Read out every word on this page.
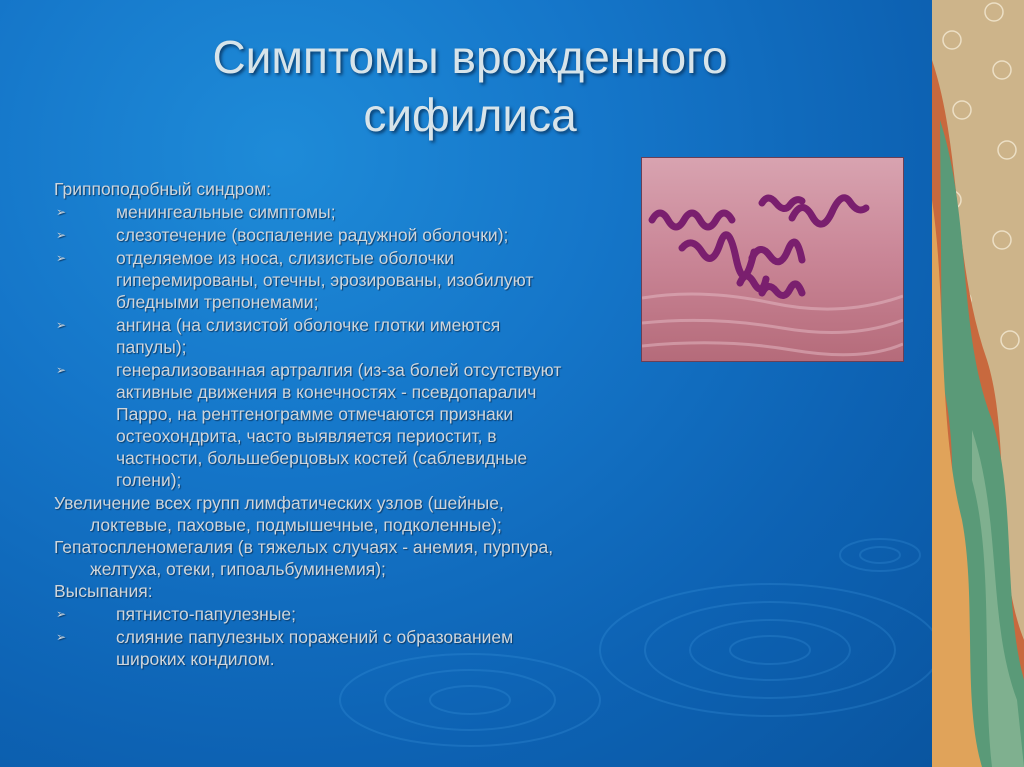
Симптомы врожденного
сифилиса

Гриппоподобный синдром:

➢	менингеальные симптомы;
➢	слезотечение (воспаление радужной оболочки);
➢	отделяемое из носа, слизистые оболочки
гиперемированы, отечны, эрозированы, изобилуют
бледными трепонемами;
➢	ангина (на слизистой оболочке глотки имеются
папулы);
➢	генерализованная артралгия (из-за болей отсутствуют
активные движения в конечностях - псевдопаралич
Парро, на рентгенограмме отмечаются признаки
остеохондрита, часто выявляется периостит, в
частности, большеберцовых костей (саблевидные
голени);

Увеличение всех групп лимфатических узлов (шейные,
локтевые, паховые, подмышечные, подколенные);

Гепатоспленомегалия (в тяжелых случаях - анемия, пурпура,
желтуха, отеки, гипоальбуминемия);

Высыпания:

➢	пятнисто-папулезные;
➢	слияние папулезных поражений с образованием
широких кондилом.
